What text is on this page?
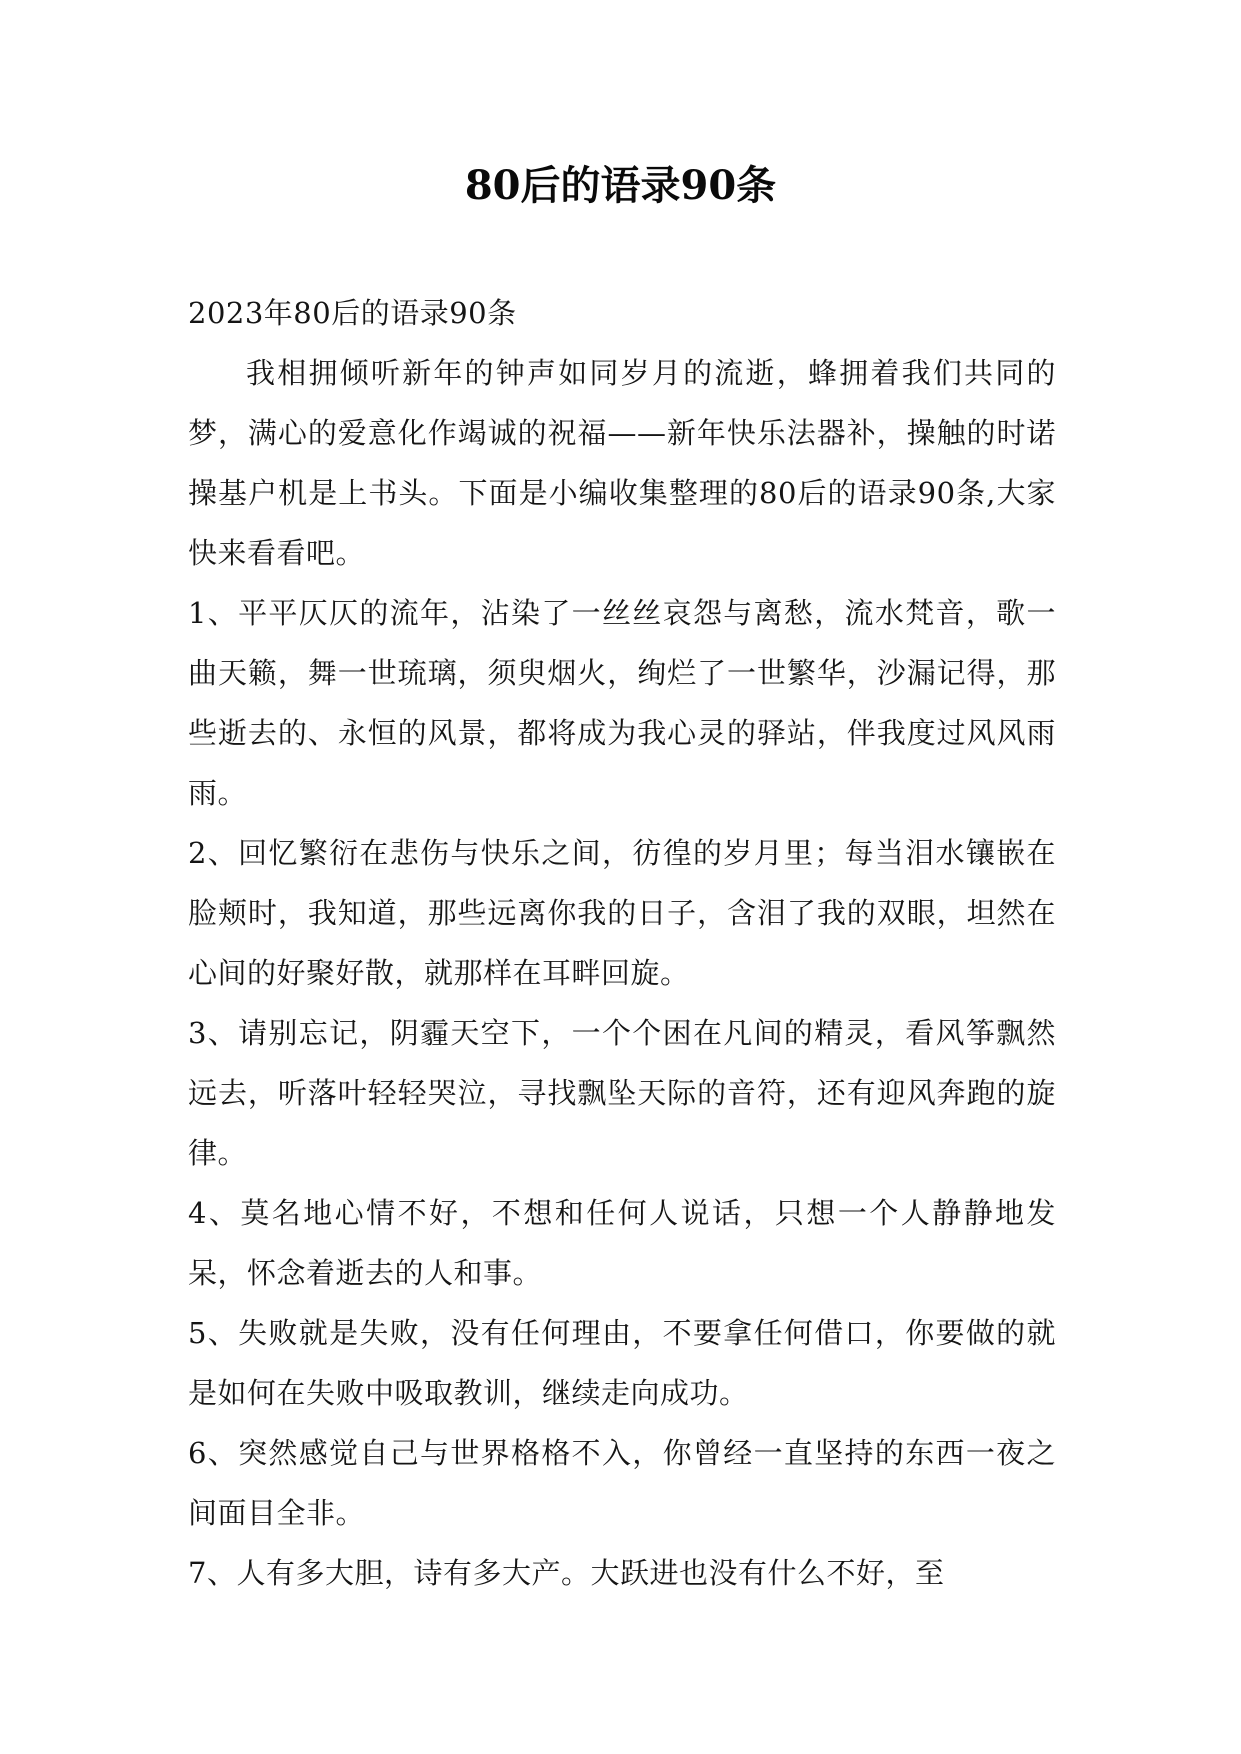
80后的语录90条

2023年80后的语录90条

我相拥倾听新年的钟声如同岁月的流逝，蜂拥着我们共同的梦，满心的爱意化作竭诚的祝福——新年快乐法器补，操触的时诺操基户机是上书头。下面是小编收集整理的80后的语录90条,大家快来看看吧。

1、平平仄仄的流年，沾染了一丝丝哀怨与离愁，流水梵音，歌一曲天籁，舞一世琉璃，须臾烟火，绚烂了一世繁华，沙漏记得，那些逝去的、永恒的风景，都将成为我心灵的驿站，伴我度过风风雨雨。

2、回忆繁衍在悲伤与快乐之间，彷徨的岁月里；每当泪水镶嵌在脸颊时，我知道，那些远离你我的日子，含泪了我的双眼，坦然在心间的好聚好散，就那样在耳畔回旋。

3、请别忘记，阴霾天空下，一个个困在凡间的精灵，看风筝飘然远去，听落叶轻轻哭泣，寻找飘坠天际的音符，还有迎风奔跑的旋律。

4、莫名地心情不好，不想和任何人说话，只想一个人静静地发呆，怀念着逝去的人和事。

5、失败就是失败，没有任何理由，不要拿任何借口，你要做的就是如何在失败中吸取教训，继续走向成功。

6、突然感觉自己与世界格格不入，你曾经一直坚持的东西一夜之间面目全非。

7、人有多大胆，诗有多大产。大跃进也没有什么不好，至
